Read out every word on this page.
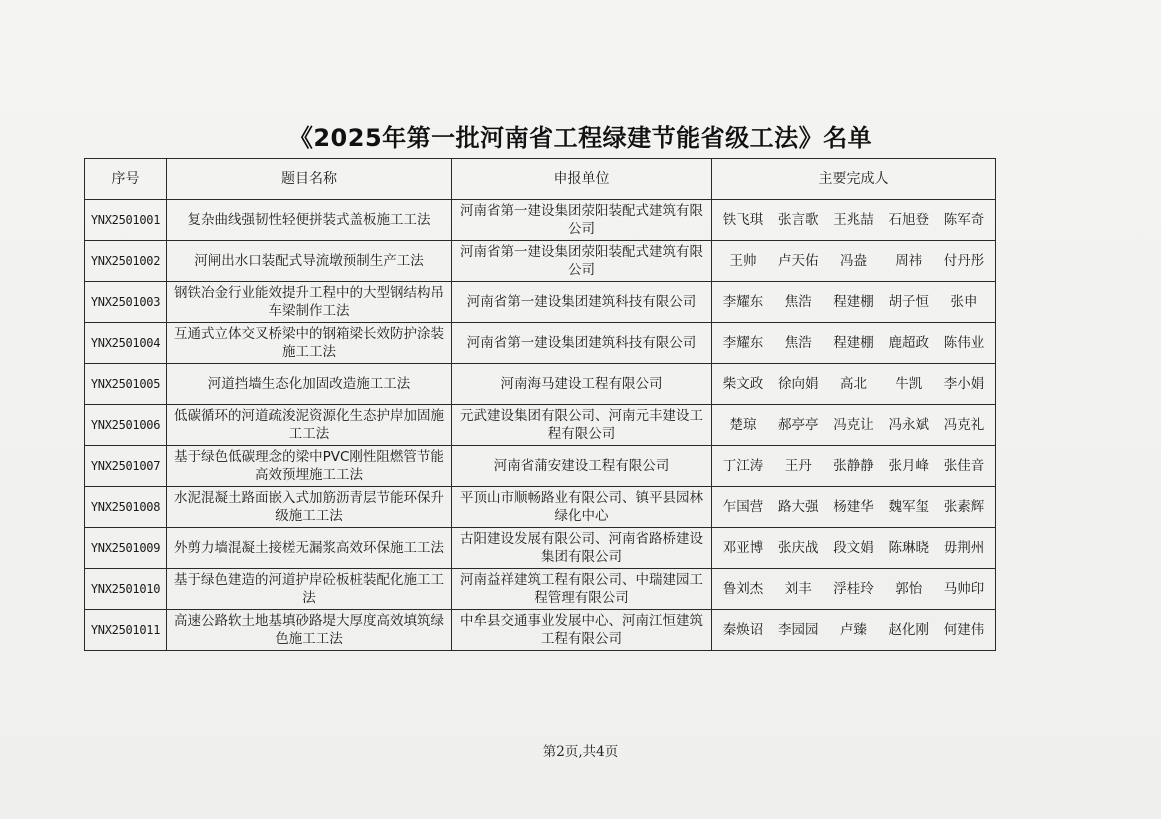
《2025年第一批河南省工程绿建节能省级工法》名单
序号	题目名称	申报单位	主要完成人
YNX2501001	复杂曲线强韧性轻便拼装式盖板施工工法	河南省第一建设集团荥阳装配式建筑有限公司	铁飞琪 张言歌 王兆喆 石旭登 陈军奇

YNX2501002	河闸出水口装配式导流墩预制生产工法	河南省第一建设集团荥阳装配式建筑有限公司	王帅 卢天佑 冯盎 周祎 付丹彤

YNX2501003	钢铁冶金行业能效提升工程中的大型钢结构吊车梁制作工法	河南省第一建设集团建筑科技有限公司	李耀东 焦浩 程建棚 胡子恒 张申

YNX2501004	互通式立体交叉桥梁中的钢箱梁长效防护涂装施工工法	河南省第一建设集团建筑科技有限公司	李耀东 焦浩 程建棚 鹿超政 陈伟业

YNX2501005	河道挡墙生态化加固改造施工工法	河南海马建设工程有限公司	柴文政 徐向娟 高北 牛凯 李小娟

YNX2501006	低碳循环的河道疏浚泥资源化生态护岸加固施工工法	元武建设集团有限公司、河南元丰建设工程有限公司	楚琼 郝亭亭 冯克让 冯永斌 冯克礼

YNX2501007	基于绿色低碳理念的梁中PVC刚性阻燃管节能高效预埋施工工法	河南省蒲安建设工程有限公司	丁江涛 王丹 张静静 张月峰 张佳音

YNX2501008	水泥混凝土路面嵌入式加筋沥青层节能环保升级施工工法	平顶山市顺畅路业有限公司、镇平县园林绿化中心	乍国营 路大强 杨建华 魏军玺 张素辉

YNX2501009	外剪力墙混凝土接槎无漏浆高效环保施工工法	古阳建设发展有限公司、河南省路桥建设集团有限公司	邓亚博 张庆战 段文娟 陈琳晓 毋荆州

YNX2501010	基于绿色建造的河道护岸砼板桩装配化施工工法	河南益祥建筑工程有限公司、中瑞建园工程管理有限公司	鲁刘杰 刘丰 浮桂玲 郭怡 马帅印

YNX2501011	高速公路软土地基填砂路堤大厚度高效填筑绿色施工工法	中牟县交通事业发展中心、河南江恒建筑工程有限公司	秦焕诏 李园园 卢臻 赵化刚 何建伟
第2页,共4页
